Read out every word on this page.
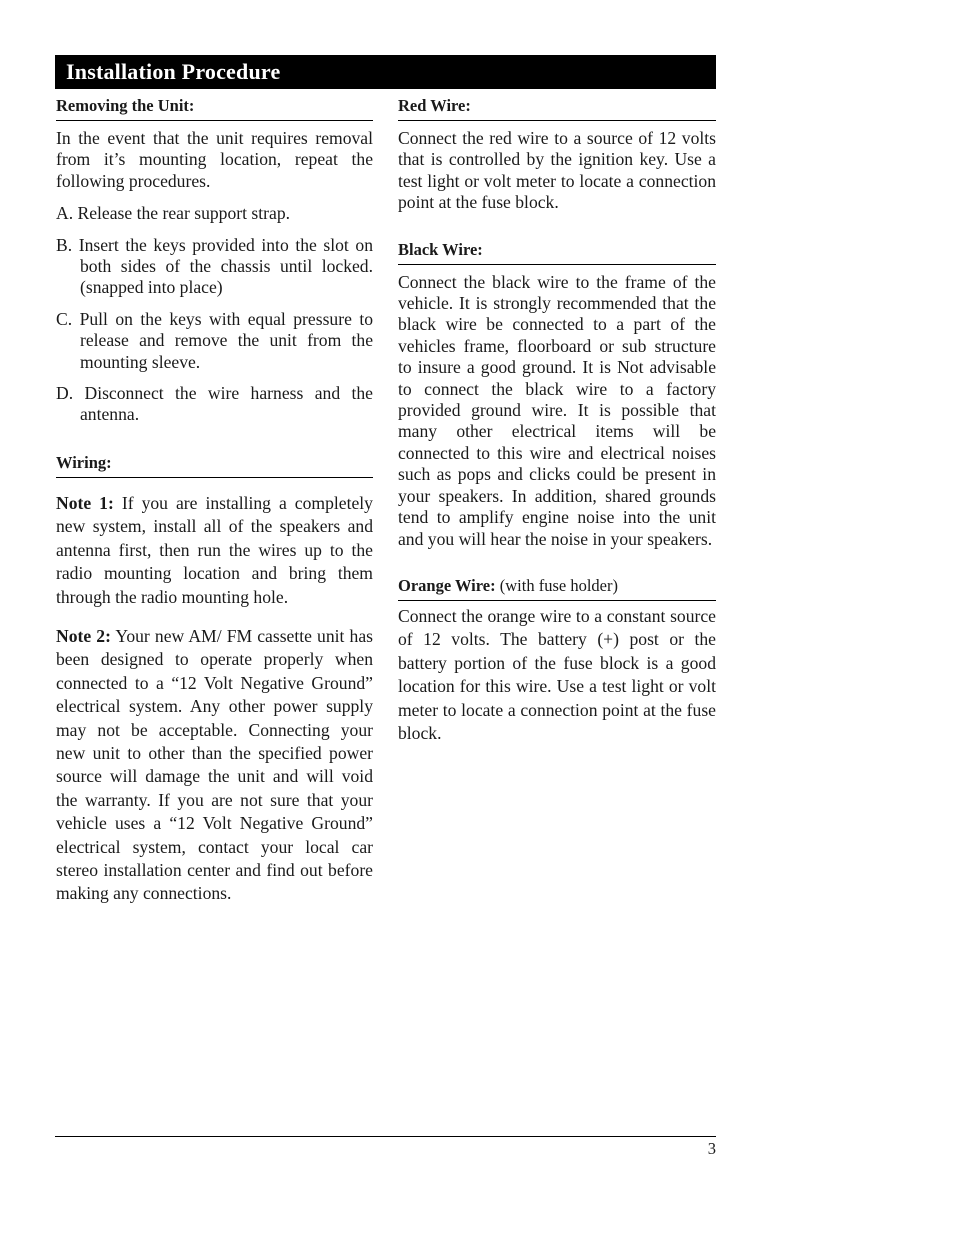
Installation Procedure
Removing the Unit:

In the event that the unit requires removal from it’s mounting location, repeat the following procedures.

A. Release the rear support strap.
B. Insert the keys provided into the slot on both sides of the chassis until locked. (snapped into place)
C. Pull on the keys with equal pressure to release and remove the unit from the mounting sleeve.
D. Disconnect the wire harness and the antenna.
Wiring:

Note 1: If you are installing a completely new system, install all of the speakers and antenna first, then run the wires up to the radio mounting location and bring them through the radio mounting hole.

Note 2: Your new AM/ FM cassette unit has been designed to operate properly when connected to a “12 Volt Negative Ground” electrical system. Any other power supply may not be acceptable. Connecting your new unit to other than the specified power source will damage the unit and will void the warranty. If you are not sure that your vehicle uses a “12 Volt Negative Ground” electrical system, contact your local car stereo installation center and find out before making any connections.

Red Wire:

Connect the red wire to a source of 12 volts that is controlled by the ignition key. Use a test light or volt meter to locate a connection point at the fuse block.

Black Wire:

Connect the black wire to the frame of the vehicle. It is strongly recommended that the black wire be connected to a part of the vehicles frame, floorboard or sub structure to insure a good ground. It is Not advisable to connect the black wire to a factory provided ground wire. It is possible that many other electrical items will be connected to this wire and electrical noises such as pops and clicks could be present in your speakers. In addition, shared grounds tend to amplify engine noise into the unit and you will hear the noise in your speakers.

Orange Wire: (with fuse holder)

Connect the orange wire to a constant source of 12 volts. The battery (+) post or the battery portion of the fuse block is a good location for this wire. Use a test light or volt meter to locate a connection point at the fuse block.

3
